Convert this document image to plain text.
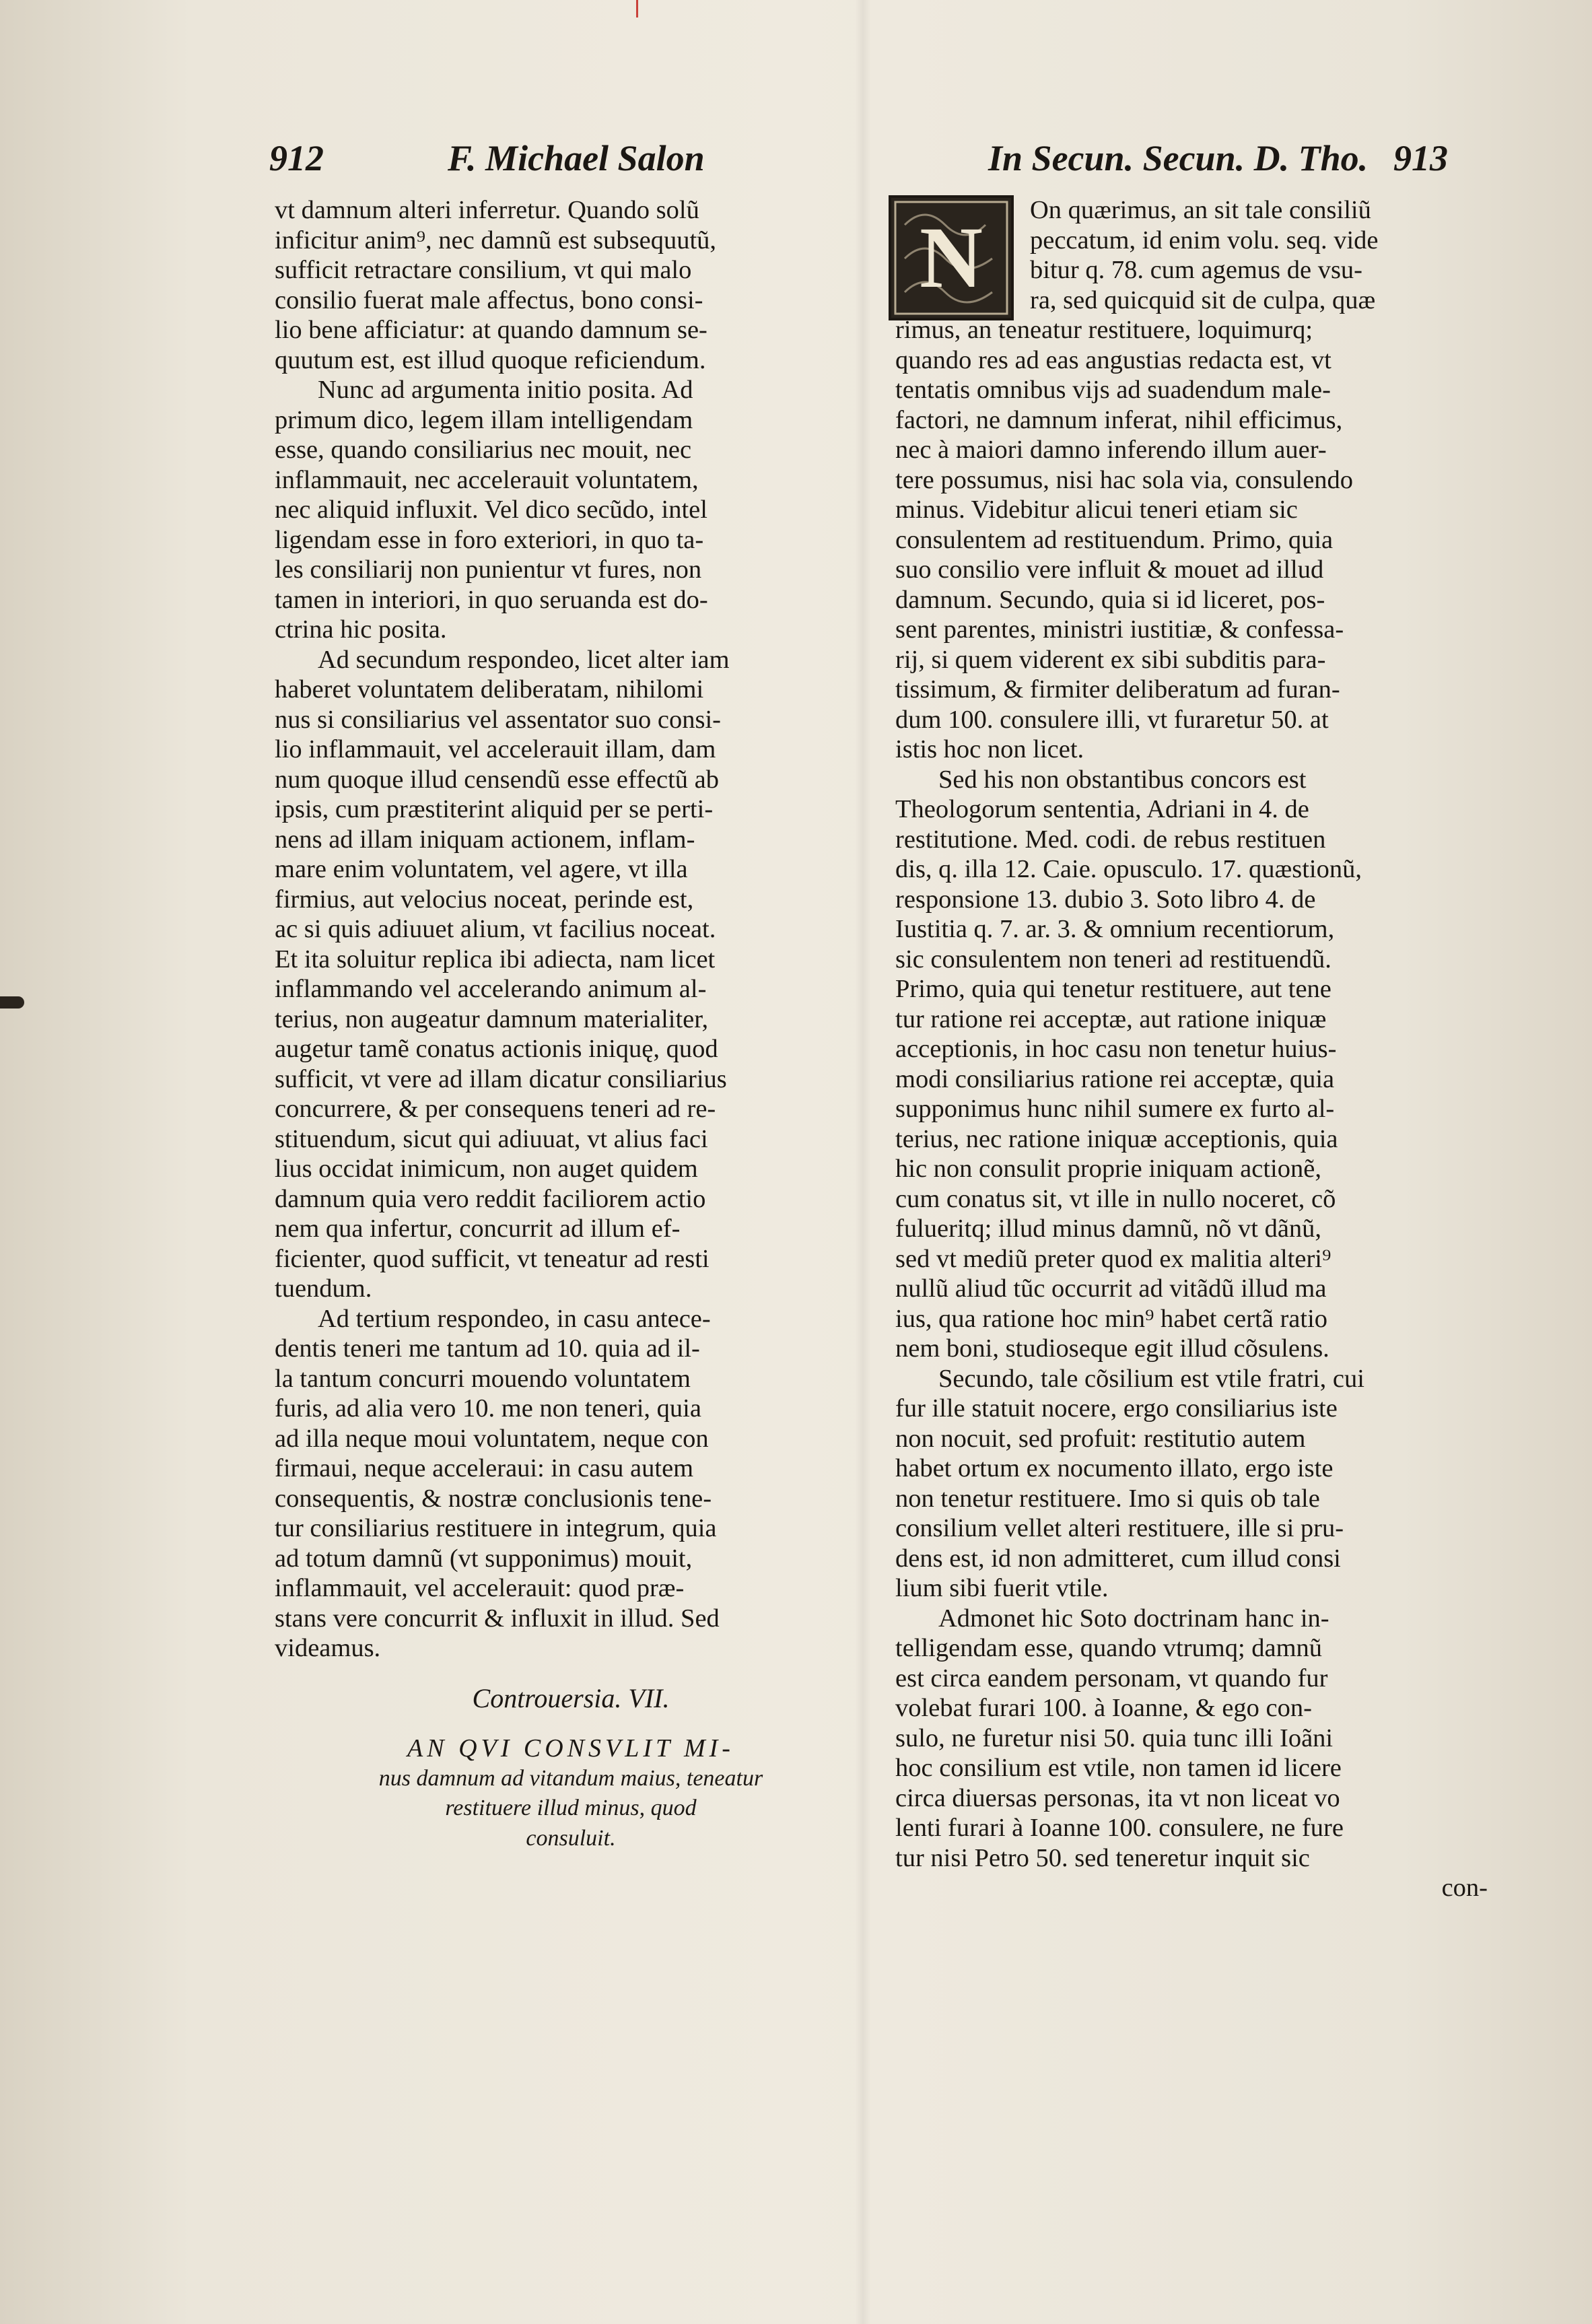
912	F. Michael Salon	In Secun. Secun. D. Tho. 913

vt damnum alteri inferretur. Quando solũ
inficitur anim⁹, nec damnũ est subsequutũ,
sufficit retractare consilium, vt qui malo
consilio fuerat male affectus, bono consi-
lio bene afficiatur: at quando damnum se-
quutum est, est illud quoque reficiendum.

Nunc ad argumenta initio posita. Ad
primum dico, legem illam intelligendam
esse, quando consiliarius nec mouit, nec
inflammauit, nec accelerauit voluntatem,
nec aliquid influxit. Vel dico secũdo, intel
ligendam esse in foro exteriori, in quo ta-
les consiliarij non punientur vt fures, non
tamen in interiori, in quo seruanda est do-
ctrina hic posita.

Ad secundum respondeo, licet alter iam
haberet voluntatem deliberatam, nihilomi
nus si consiliarius vel assentator suo consi-
lio inflammauit, vel accelerauit illam, dam
num quoque illud censendũ esse effectũ ab
ipsis, cum præstiterint aliquid per se perti-
nens ad illam iniquam actionem, inflam-
mare enim voluntatem, vel agere, vt illa
firmius, aut velocius noceat, perinde est,
ac si quis adiuuet alium, vt facilius noceat.
Et ita soluitur replica ibi adiecta, nam licet
inflammando vel accelerando animum al-
terius, non augeatur damnum materialiter,
augetur tamẽ conatus actionis iniquę, quod
sufficit, vt vere ad illam dicatur consiliarius
concurrere, & per consequens teneri ad re-
stituendum, sicut qui adiuuat, vt alius faci
lius occidat inimicum, non auget quidem
damnum quia vero reddit faciliorem actio
nem qua infertur, concurrit ad illum ef-
ficienter, quod sufficit, vt teneatur ad resti
tuendum.

Ad tertium respondeo, in casu antece-
dentis teneri me tantum ad 10. quia ad il-
la tantum concurri mouendo voluntatem
furis, ad alia vero 10. me non teneri, quia
ad illa neque moui voluntatem, neque con
firmaui, neque acceleraui: in casu autem
consequentis, & nostræ conclusionis tene-
tur consiliarius restituere in integrum, quia
ad totum damnũ (vt supponimus) mouit,
inflammauit, vel accelerauit: quod præ-
stans vere concurrit & influxit in illud. Sed
videamus.

Controuersia. VII.
AN QVI CONSVLIT MI-
nus damnum ad vitandum maius, teneatur
restituere illud minus, quod
consuluit.
N	On quærimus, an sit tale consiliũ
peccatum, id enim volu. seq. vide
bitur q. 78. cum agemus de vsu-
ra, sed quicquid sit de culpa, quæ
rimus, an teneatur restituere, loquimurq;
quando res ad eas angustias redacta est, vt
tentatis omnibus vijs ad suadendum male-
factori, ne damnum inferat, nihil efficimus,
nec à maiori damno inferendo illum auer-
tere possumus, nisi hac sola via, consulendo
minus. Videbitur alicui teneri etiam sic
consulentem ad restituendum. Primo, quia
suo consilio vere influit & mouet ad illud
damnum. Secundo, quia si id liceret, pos-
sent parentes, ministri iustitiæ, & confessa-
rij, si quem viderent ex sibi subditis para-
tissimum, & firmiter deliberatum ad furan-
dum 100. consulere illi, vt furaretur 50. at
istis hoc non licet.

Sed his non obstantibus concors est
Theologorum sententia, Adriani in 4. de
restitutione. Med. codi. de rebus restituen
dis, q. illa 12. Caie. opusculo. 17. quæstionũ,
responsione 13. dubio 3. Soto libro 4. de
Iustitia q. 7. ar. 3. & omnium recentiorum,
sic consulentem non teneri ad restituendũ.
Primo, quia qui tenetur restituere, aut tene
tur ratione rei acceptæ, aut ratione iniquæ
acceptionis, in hoc casu non tenetur huius-
modi consiliarius ratione rei acceptæ, quia
supponimus hunc nihil sumere ex furto al-
terius, nec ratione iniquæ acceptionis, quia
hic non consulit proprie iniquam actionẽ,
cum conatus sit, vt ille in nullo noceret, cõ
fulueritq; illud minus damnũ, nõ vt dãnũ,
sed vt mediũ preter quod ex malitia alteri⁹
nullũ aliud tũc occurrit ad vitãdũ illud ma
ius, qua ratione hoc min⁹ habet certã ratio
nem boni, studioseque egit illud cõsulens.

Secundo, tale cõsilium est vtile fratri, cui
fur ille statuit nocere, ergo consiliarius iste
non nocuit, sed profuit: restitutio autem
habet ortum ex nocumento illato, ergo iste
non tenetur restituere. Imo si quis ob tale
consilium vellet alteri restituere, ille si pru-
dens est, id non admitteret, cum illud consi
lium sibi fuerit vtile.

Admonet hic Soto doctrinam hanc in-
telligendam esse, quando vtrumq; damnũ
est circa eandem personam, vt quando fur
volebat furari 100. à Ioanne, & ego con-
sulo, ne furetur nisi 50. quia tunc illi Ioãni
hoc consilium est vtile, non tamen id licere
circa diuersas personas, ita vt non liceat vo
lenti furari à Ioanne 100. consulere, ne fure
tur nisi Petro 50. sed teneretur inquit sic

con-
